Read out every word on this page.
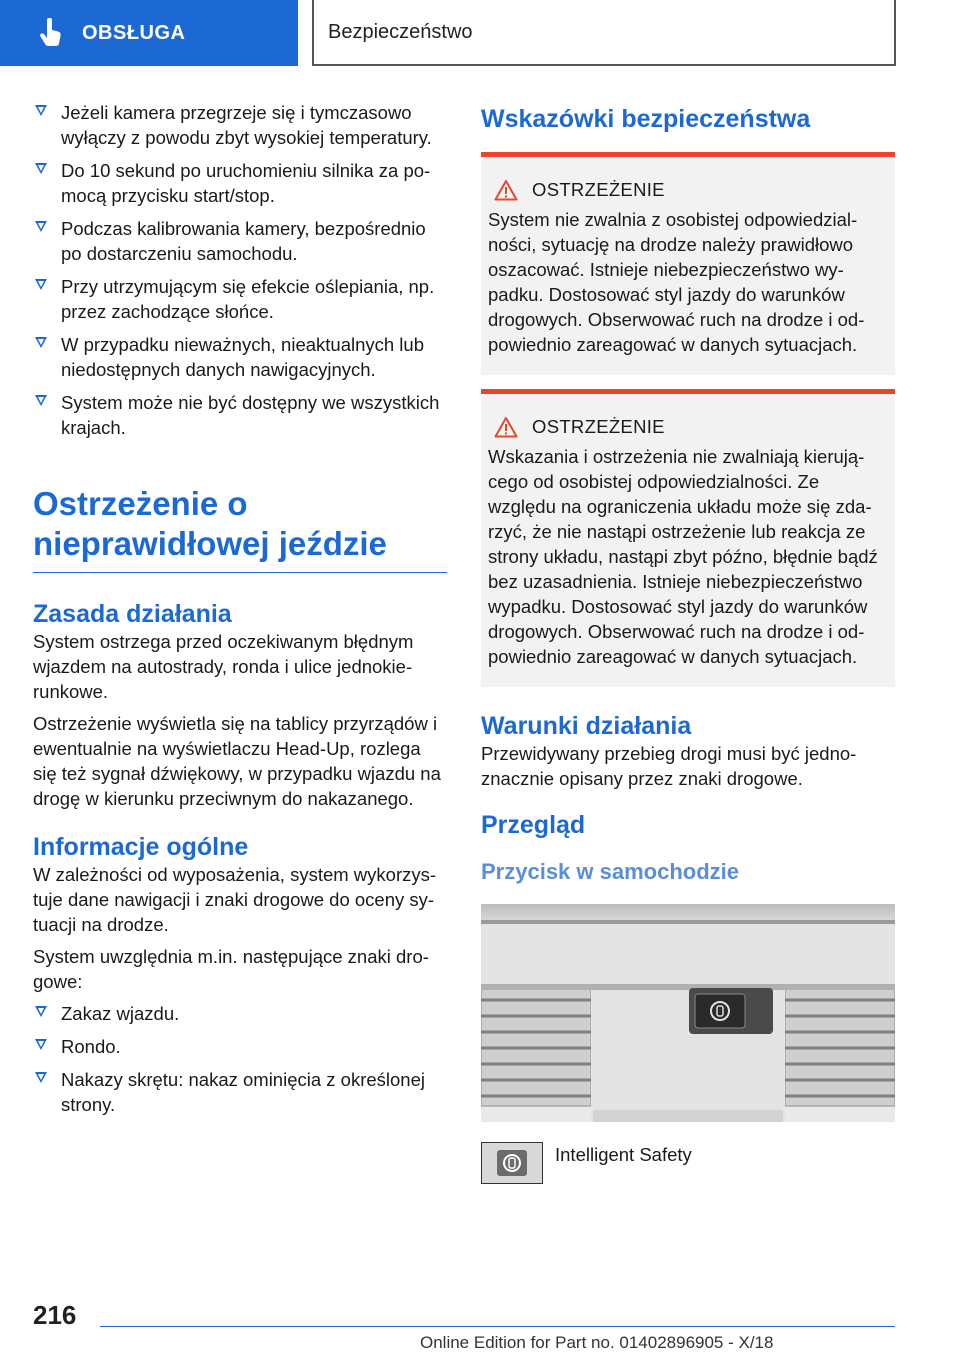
OBSŁUGA	Bezpieczeństwo
Jeżeli kamera przegrzeje się i tymczasowo wyłączy z powodu zbyt wysokiej temperatury.
Do 10 sekund po uruchomieniu silnika za pomocą przycisku start/stop.
Podczas kalibrowania kamery, bezpośrednio po dostarczeniu samochodu.
Przy utrzymującym się efekcie oślepiania, np. przez zachodzące słońce.
W przypadku nieważnych, nieaktualnych lub niedostępnych danych nawigacyjnych.
System może nie być dostępny we wszystkich krajach.
Ostrzeżenie o
nieprawidłowej jeździe
Zasada działania

System ostrzega przed oczekiwanym błędnym wjazdem na autostrady, ronda i ulice jednokierunkowe.

Ostrzeżenie wyświetla się na tablicy przyrządów i ewentualnie na wyświetlaczu Head-Up, rozlega się też sygnał dźwiękowy, w przypadku wjazdu na drogę w kierunku przeciwnym do nakazanego.

Informacje ogólne

W zależności od wyposażenia, system wykorzystuje dane nawigacji i znaki drogowe do oceny sytuacji na drodze.

System uwzględnia m.in. następujące znaki drogowe:

Zakaz wjazdu.
Rondo.
Nakazy skrętu: nakaz ominięcia z określonej strony.
Wskazówki bezpieczeństwa
OSTRZEŻENIE

System nie zwalnia z osobistej odpowiedzialności, sytuację na drodze należy prawidłowo oszacować. Istnieje niebezpieczeństwo wypadku. Dostosować styl jazdy do warunków drogowych. Obserwować ruch na drodze i odpowiednio zareagować w danych sytuacjach.

OSTRZEŻENIE

Wskazania i ostrzeżenia nie zwalniają kierującego od osobistej odpowiedzialności. Ze względu na ograniczenia układu może się zdarzyć, że nie nastąpi ostrzeżenie lub reakcja ze strony układu, nastąpi zbyt późno, błędnie bądź bez uzasadnienia. Istnieje niebezpieczeństwo wypadku. Dostosować styl jazdy do warunków drogowych. Obserwować ruch na drodze i odpowiednio zareagować w danych sytuacjach.

Warunki działania

Przewidywany przebieg drogi musi być jednoznacznie opisany przez znaki drogowe.

Przegląd
Przycisk w samochodzie
Intelligent Safety
216
Online Edition for Part no. 01402896905 - X/18
